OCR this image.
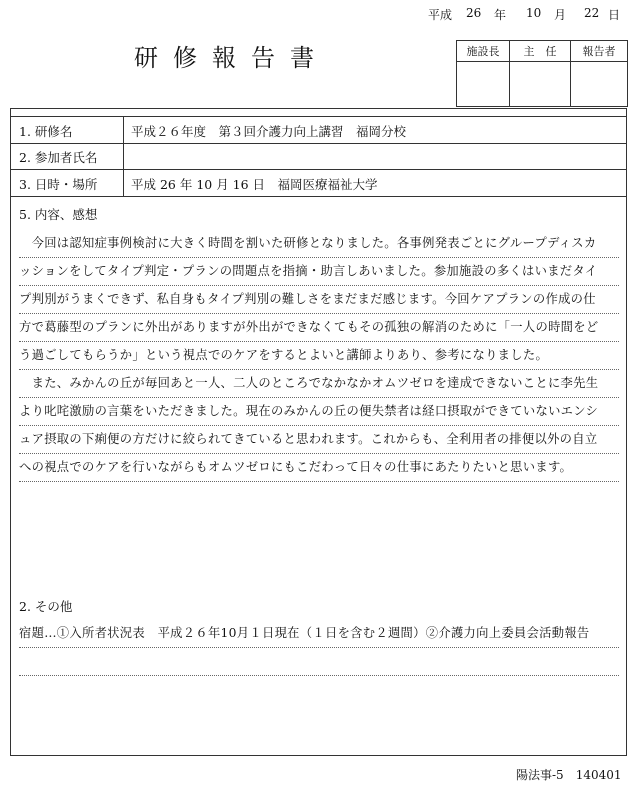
平成 26 年 10 月 22 日
研修報告書	施設長	主　任	報告者

1. 研修名	平成２６年度　第３回介護力向上講習　福岡分校
2. 参加者氏名
3. 日時・場所	平成 26 年 10 月 16 日　福岡医療福祉大学
5. 内容、感想
　今回は認知症事例検討に大きく時間を割いた研修となりました。各事例発表ごとにグループディスカ
ッションをしてタイプ判定・プランの問題点を指摘・助言しあいました。参加施設の多くはいまだタイ
プ判別がうまくできず、私自身もタイプ判別の難しさをまだまだ感じます。今回ケアプランの作成の仕
方で葛藤型のプランに外出がありますが外出ができなくてもその孤独の解消のために「一人の時間をど
う過ごしてもらうか」という視点でのケアをするとよいと講師よりあり、参考になりました。
　また、みかんの丘が毎回あと一人、二人のところでなかなかオムツゼロを達成できないことに李先生
より叱咤激励の言葉をいただきました。現在のみかんの丘の便失禁者は経口摂取ができていないエンシ
ュア摂取の下痢便の方だけに絞られてきていると思われます。これからも、全利用者の排便以外の自立
への視点でのケアを行いながらもオムツゼロにもこだわって日々の仕事にあたりたいと思います。
2. その他
宿題…①入所者状況表　平成２６年10月１日現在（１日を含む２週間）②介護力向上委員会活動報告
陽法事-5　140401
